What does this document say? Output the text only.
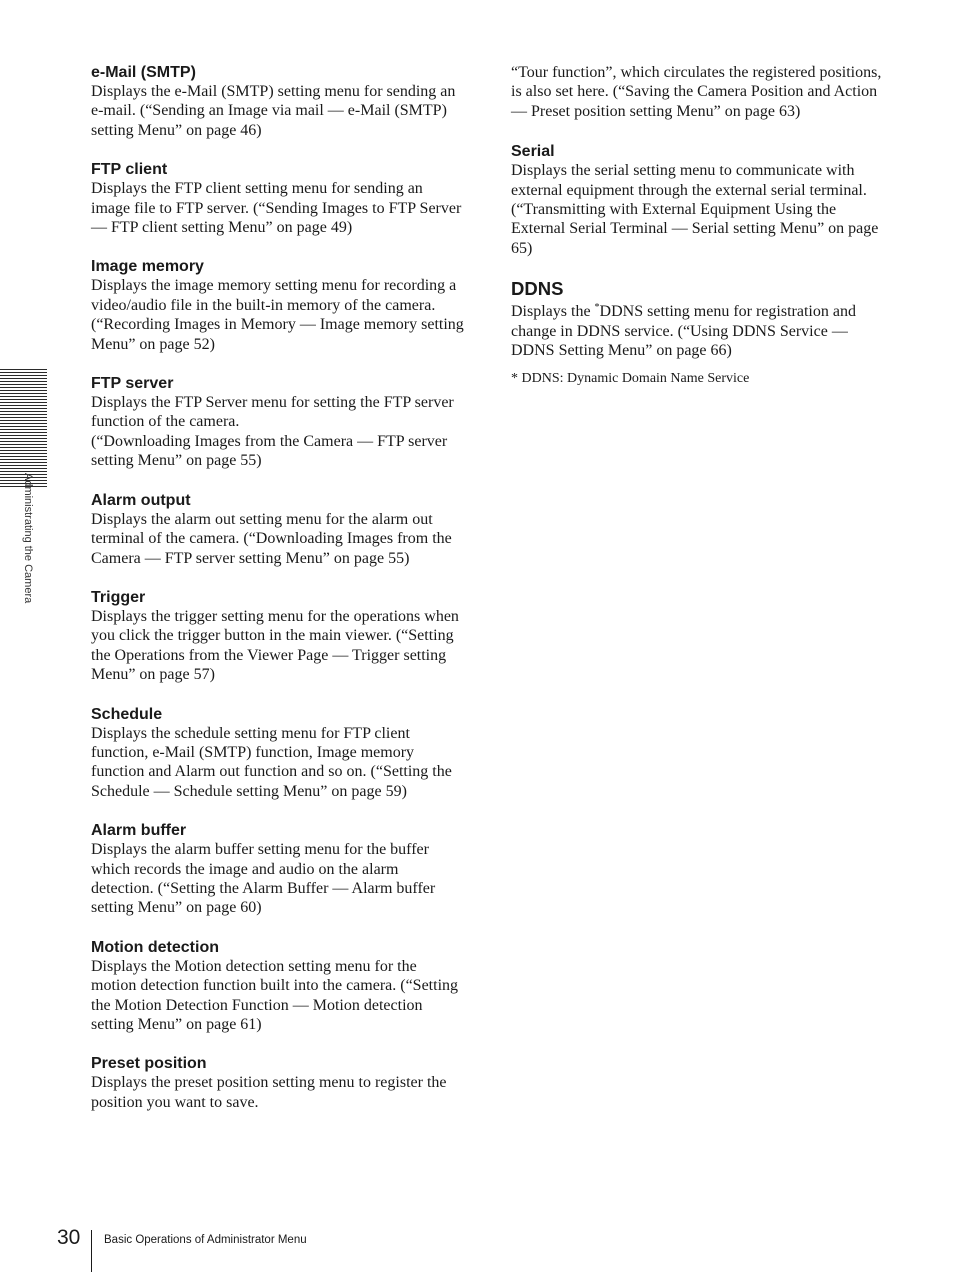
Administrating the Camera

e-Mail (SMTP)

Displays the e-Mail (SMTP) setting menu for sending an e-mail. (“Sending an Image via mail — e-Mail (SMTP) setting Menu” on page 46)

FTP client

Displays the FTP client setting menu for sending an image file to FTP server. (“Sending Images to FTP Server — FTP client setting Menu” on page 49)

Image memory

Displays the image memory setting menu for recording a video/audio file in the built-in memory of the camera. (“Recording Images in Memory — Image memory setting Menu” on page 52)

FTP server

Displays the FTP Server menu for setting the FTP server function of the camera.

(“Downloading Images from the Camera — FTP server setting Menu” on page 55)

Alarm output

Displays the alarm out setting menu for the alarm out terminal of the camera. (“Downloading Images from the Camera — FTP server setting Menu” on page 55)

Trigger

Displays the trigger setting menu for the operations when you click the trigger button in the main viewer. (“Setting the Operations from the Viewer Page — Trigger setting Menu” on page 57)

Schedule

Displays the schedule setting menu for FTP client function, e-Mail (SMTP) function, Image memory function and Alarm out function and so on. (“Setting the Schedule — Schedule setting Menu” on page 59)

Alarm buffer

Displays the alarm buffer setting menu for the buffer which records the image and audio on the alarm detection. (“Setting the Alarm Buffer — Alarm buffer setting Menu” on page 60)

Motion detection

Displays the Motion detection setting menu for the motion detection function built into the camera. (“Setting the Motion Detection Function — Motion detection setting Menu” on page 61)

Preset position

Displays the preset position setting menu to register the position you want to save.

“Tour function”, which circulates the registered positions, is also set here. (“Saving the Camera Position and Action — Preset position setting Menu” on page 63)

Serial

Displays the serial setting menu to communicate with external equipment through the external serial terminal. (“Transmitting with External Equipment Using the External Serial Terminal — Serial setting Menu” on page 65)

DDNS

Displays the *DDNS setting menu for registration and change in DDNS service. (“Using DDNS Service — DDNS Setting Menu” on page 66)

* DDNS: Dynamic Domain Name Service

30 Basic Operations of Administrator Menu
